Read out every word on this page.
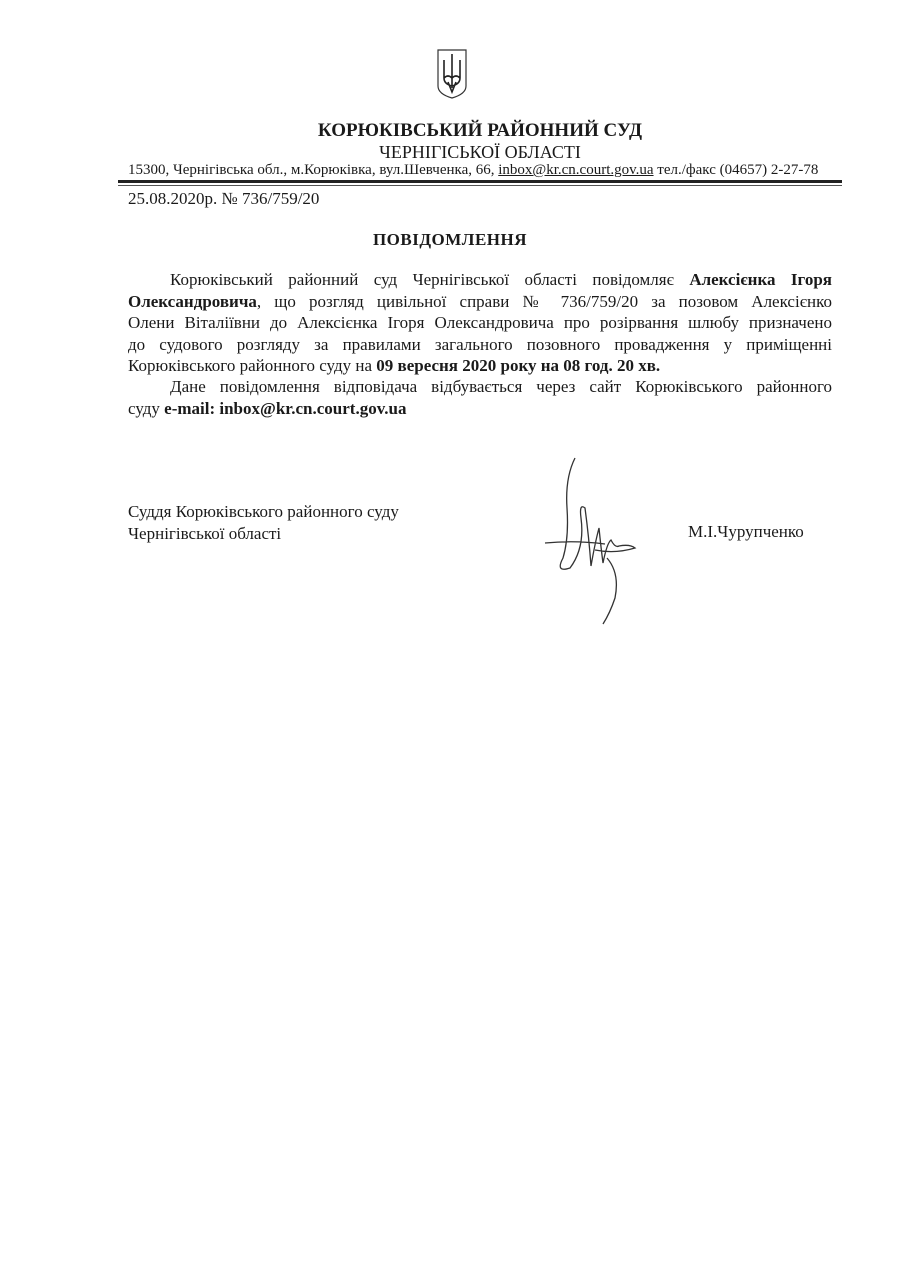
КОРЮКІВСЬКИЙ РАЙОННИЙ СУД
ЧЕРНІГІСЬКОЇ ОБЛАСТІ
15300, Чернігівська обл., м.Корюківка, вул.Шевченка, 66, inbox@kr.cn.court.gov.ua тел./факс (04657) 2-27-78
25.08.2020р. № 736/759/20
ПОВІДОМЛЕННЯ
Корюківський районний суд Чернігівської області повідомляє Алексієнка Ігоря
Олександровича, що розгляд цивільної справи № 736/759/20 за позовом Алексієнко
Олени Віталіївни до Алексієнка Ігоря Олександровича про розірвання шлюбу призначено
до судового розгляду за правилами загального позовного провадження у приміщенні
Корюківського районного суду на 09 вересня 2020 року на 08 год. 20 хв.
Дане повідомлення відповідача відбувається через сайт Корюківського районного
суду e-mail: inbox@kr.cn.court.gov.ua
Суддя Корюківського районного суду
Чернігівської області	М.І.Чурупченко
